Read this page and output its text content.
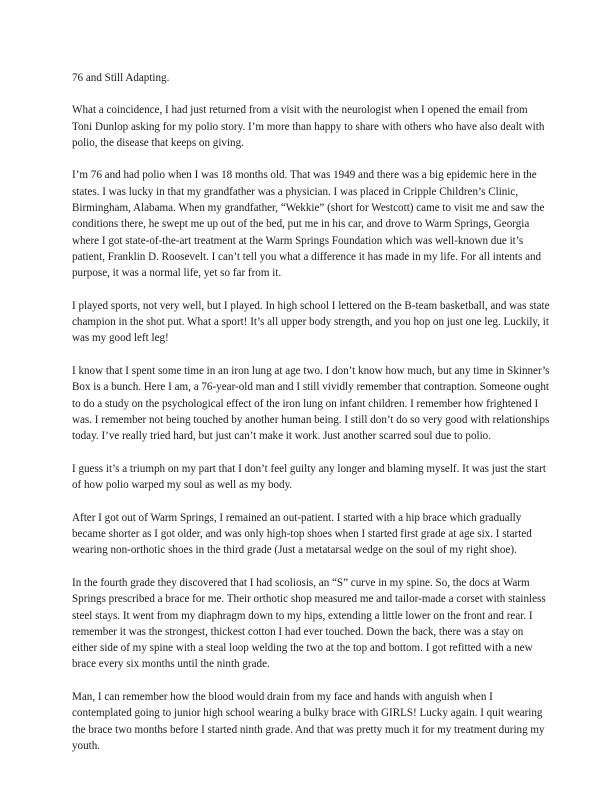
76 and Still Adapting.

What a coincidence, I had just returned from a visit with the neurologist when I opened the email from Toni Dunlop asking for my polio story. I’m more than happy to share with others who have also dealt with polio, the disease that keeps on giving.

I’m 76 and had polio when I was 18 months old. That was 1949 and there was a big epidemic here in the states. I was lucky in that my grandfather was a physician. I was placed in Cripple Children’s Clinic, Birmingham, Alabama. When my grandfather, “Wekkie” (short for Westcott) came to visit me and saw the conditions there, he swept me up out of the bed, put me in his car, and drove to Warm Springs, Georgia where I got state-of-the-art treatment at the Warm Springs Foundation which was well-known due it’s patient, Franklin D. Roosevelt. I can’t tell you what a difference it has made in my life. For all intents and purpose, it was a normal life, yet so far from it.

I played sports, not very well, but I played. In high school I lettered on the B-team basketball, and was state champion in the shot put. What a sport! It’s all upper body strength, and you hop on just one leg. Luckily, it was my good left leg!

I know that I spent some time in an iron lung at age two. I don’t know how much, but any time in Skinner’s Box is a bunch. Here I am, a 76-year-old man and I still vividly remember that contraption. Someone ought to do a study on the psychological effect of the iron lung on infant children. I remember how frightened I was. I remember not being touched by another human being. I still don’t do so very good with relationships today. I’ve really tried hard, but just can’t make it work. Just another scarred soul due to polio.

I guess it’s a triumph on my part that I don’t feel guilty any longer and blaming myself. It was just the start of how polio warped my soul as well as my body.

After I got out of Warm Springs, I remained an out-patient. I started with a hip brace which gradually became shorter as I got older, and was only high-top shoes when I started first grade at age six. I started wearing non-orthotic shoes in the third grade (Just a metatarsal wedge on the soul of my right shoe).

In the fourth grade they discovered that I had scoliosis, an “S” curve in my spine. So, the docs at Warm Springs prescribed a brace for me. Their orthotic shop measured me and tailor-made a corset with stainless steel stays. It went from my diaphragm down to my hips, extending a little lower on the front and rear. I remember it was the strongest, thickest cotton I had ever touched. Down the back, there was a stay on either side of my spine with a steal loop welding the two at the top and bottom. I got refitted with a new brace every six months until the ninth grade.

Man, I can remember how the blood would drain from my face and hands with anguish when I contemplated going to junior high school wearing a bulky brace with GIRLS! Lucky again. I quit wearing the brace two months before I started ninth grade. And that was pretty much it for my treatment during my youth.
